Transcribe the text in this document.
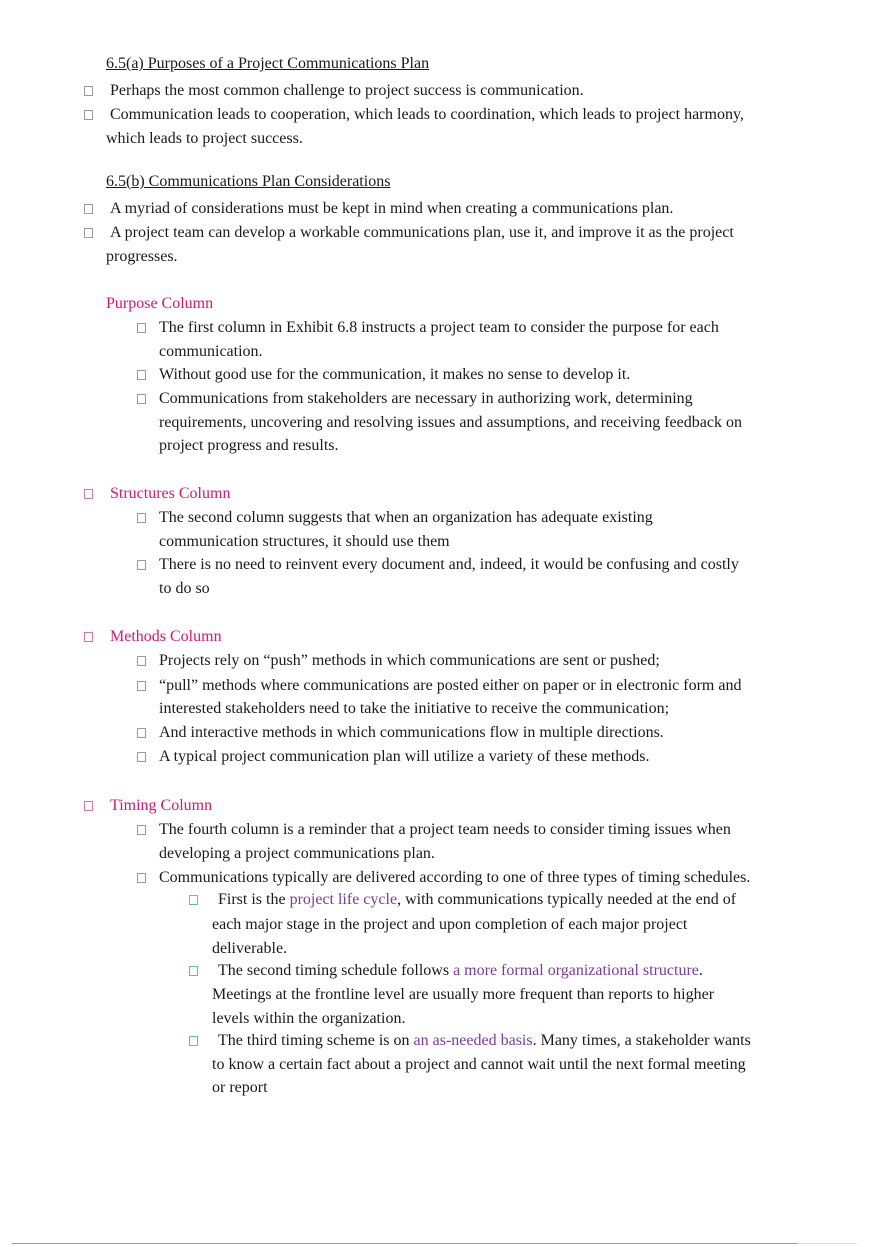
6.5(a) Purposes of a Project Communications Plan
Perhaps the most common challenge to project success is communication.
Communication leads to cooperation, which leads to coordination, which leads to project harmony,
which leads to project success.
6.5(b) Communications Plan Considerations
A myriad of considerations must be kept in mind when creating a communications plan.
A project team can develop a workable communications plan, use it, and improve it as the project
progresses.
Purpose Column
The first column in Exhibit 6.8 instructs a project team to consider the purpose for each
communication.
Without good use for the communication, it makes no sense to develop it.
Communications from stakeholders are necessary in authorizing work, determining
requirements, uncovering and resolving issues and assumptions, and receiving feedback on
project progress and results.
Structures Column
The second column suggests that when an organization has adequate existing
communication structures, it should use them
There is no need to reinvent every document and, indeed, it would be confusing and costly
to do so
Methods Column
Projects rely on “push” methods in which communications are sent or pushed;
“pull” methods where communications are posted either on paper or in electronic form and
interested stakeholders need to take the initiative to receive the communication;
And interactive methods in which communications flow in multiple directions.
A typical project communication plan will utilize a variety of these methods.
Timing Column
The fourth column is a reminder that a project team needs to consider timing issues when
developing a project communications plan.
Communications typically are delivered according to one of three types of timing schedules.
First is the project life cycle, with communications typically needed at the end of
each major stage in the project and upon completion of each major project
deliverable.
The second timing schedule follows a more formal organizational structure.
Meetings at the frontline level are usually more frequent than reports to higher
levels within the organization.
The third timing scheme is on an as-needed basis. Many times, a stakeholder wants
to know a certain fact about a project and cannot wait until the next formal meeting
or report
